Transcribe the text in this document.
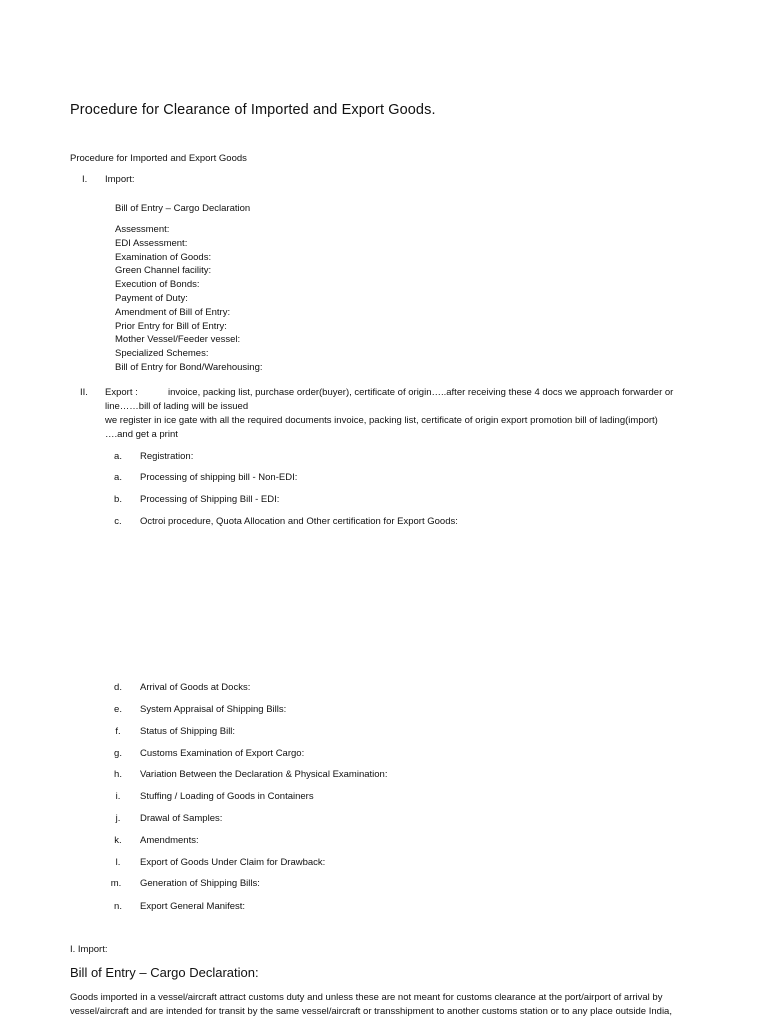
Procedure for Clearance of Imported and Export Goods.
Procedure for Imported and Export Goods
I. Import:
Bill of Entry – Cargo Declaration
Assessment:
EDI Assessment:
Examination of Goods:
Green Channel facility:
Execution of Bonds:
Payment of Duty:
Amendment of Bill of Entry:
Prior Entry for Bill of Entry:
Mother Vessel/Feeder vessel:
Specialized Schemes:
Bill of Entry for Bond/Warehousing:
II. Export :	invoice, packing list, purchase order(buyer), certificate of origin…..after receiving these 4 docs we approach forwarder or
line……bill of lading will be issued
we register in ice gate with all the required documents invoice, packing list, certificate of origin export promotion bill of lading(import)
….and get a print
a.	Registration:
a.	Processing of shipping bill - Non-EDI:
b.	Processing of Shipping Bill - EDI:
c.	Octroi procedure, Quota Allocation and Other certification for Export Goods:
d.	Arrival of Goods at Docks:
e.	System Appraisal of Shipping Bills:
f.	Status of Shipping Bill:
g.	Customs Examination of Export Cargo:
h.	Variation Between the Declaration & Physical Examination:
i.	Stuffing / Loading of Goods in Containers
j.	Drawal of Samples:
k.	Amendments:
l.	Export of Goods Under Claim for Drawback:
m.	Generation of Shipping Bills:
n.	Export General Manifest:
I. Import:
Bill of Entry – Cargo Declaration:
Goods imported in a vessel/aircraft attract customs duty and unless these are not meant for customs clearance at the port/airport of arrival by vessel/aircraft and are intended for transit by the same vessel/aircraft or transshipment to another customs station or to any place outside India,
